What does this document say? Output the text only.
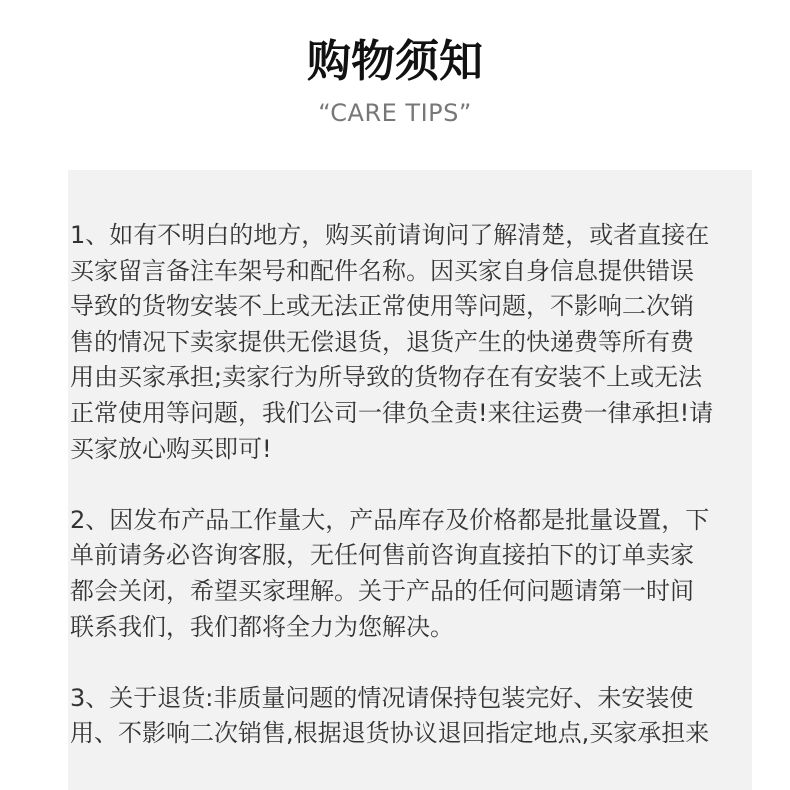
购物须知
“CARE TIPS”
1、如有不明白的地方，购买前请询问了解清楚，或者直接在
买家留言备注车架号和配件名称。因买家自身信息提供错误
导致的货物安装不上或无法正常使用等问题，不影响二次销
售的情况下卖家提供无偿退货，退货产生的快递费等所有费
用由买家承担;卖家行为所导致的货物存在有安装不上或无法
正常使用等问题，我们公司一律负全责!来往运费一律承担!请
买家放心购买即可!
2、因发布产品工作量大，产品库存及价格都是批量设置，下
单前请务必咨询客服，无任何售前咨询直接拍下的订单卖家
都会关闭，希望买家理解。关于产品的任何问题请第一时间
联系我们，我们都将全力为您解决。
3、关于退货:非质量问题的情况请保持包装完好、未安装使
用、不影响二次销售,根据退货协议退回指定地点,买家承担来
